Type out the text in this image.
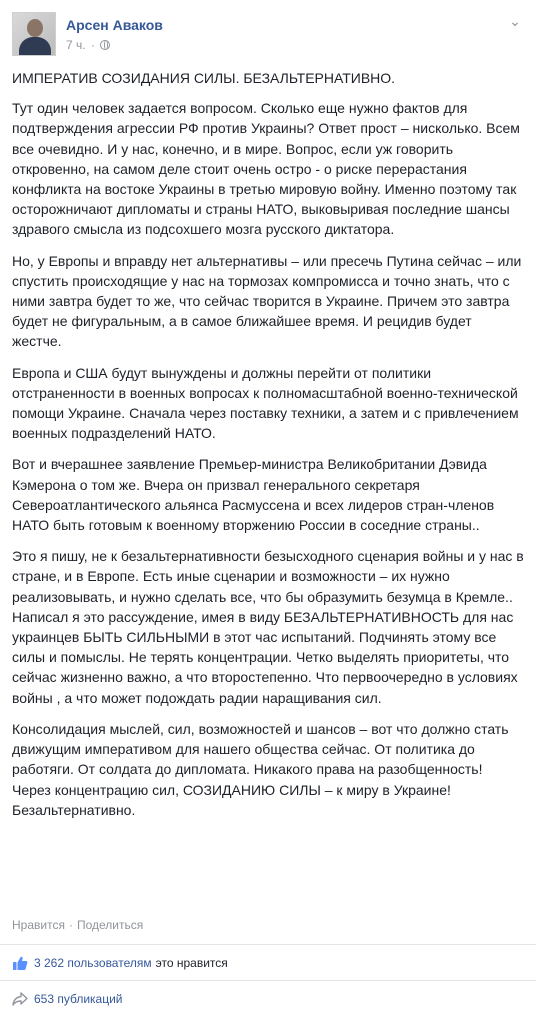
Арсен Аваков
7 ч. ·
⌄

ИМПЕРАТИВ СОЗИДАНИЯ СИЛЫ. БЕЗАЛЬТЕРНАТИВНО.

Тут один человек задается вопросом. Сколько еще нужно фактов для подтверждения агрессии РФ против Украины? Ответ прост – нисколько. Всем все очевидно. И у нас, конечно, и в мире. Вопрос, если уж говорить откровенно, на самом деле стоит очень остро - о риске перерастания конфликта на востоке Украины в третью мировую войну. Именно поэтому так осторожничают дипломаты и страны НАТО, выковыривая последние шансы здравого смысла из подсохшего мозга русского диктатора.

Но, у Европы и вправду нет альтернативы – или пресечь Путина сейчас – или спустить происходящие у нас на тормозах компромисса и точно знать, что с ними завтра будет то же, что сейчас творится в Украине. Причем это завтра будет не фигуральным, а в самое ближайшее время. И рецидив будет жестче.

Европа и США будут вынуждены и должны перейти от политики отстраненности в военных вопросах к полномасштабной военно-технической помощи Украине. Сначала через поставку техники, а затем и с привлечением военных подразделений НАТО.

Вот и вчерашнее заявление Премьер-министра Великобритании Дэвида Кэмерона о том же. Вчера он призвал генерального секретаря Североатлантического альянса Расмуссена и всех лидеров стран-членов НАТО быть готовым к военному вторжению России в соседние страны..

Это я пишу, не к безальтернативности безысходного сценария войны и у нас в стране, и в Европе. Есть иные сценарии и возможности – их нужно реализовывать, и нужно сделать все, что бы образумить безумца в Кремле..
Написал я это рассуждение, имея в виду БЕЗАЛЬТЕРНАТИВНОСТЬ для нас украинцев БЫТЬ СИЛЬНЫМИ в этот час испытаний. Подчинять этому все силы и помыслы. Не терять концентрации. Четко выделять приоритеты, что сейчас жизненно важно, а что второстепенно. Что первоочередно в условиях войны , а что может подождать радии наращивания сил.

Консолидация мыслей, сил, возможностей и шансов – вот что должно стать движущим императивом для нашего общества сейчас. От политика до работяги. От солдата до дипломата. Никакого права на разобщенность! Через концентрацию сил, СОЗИДАНИЮ СИЛЫ – к миру в Украине! Безальтернативно.

Нравится · Поделиться
3 262 пользователям это нравится
653 публикаций
